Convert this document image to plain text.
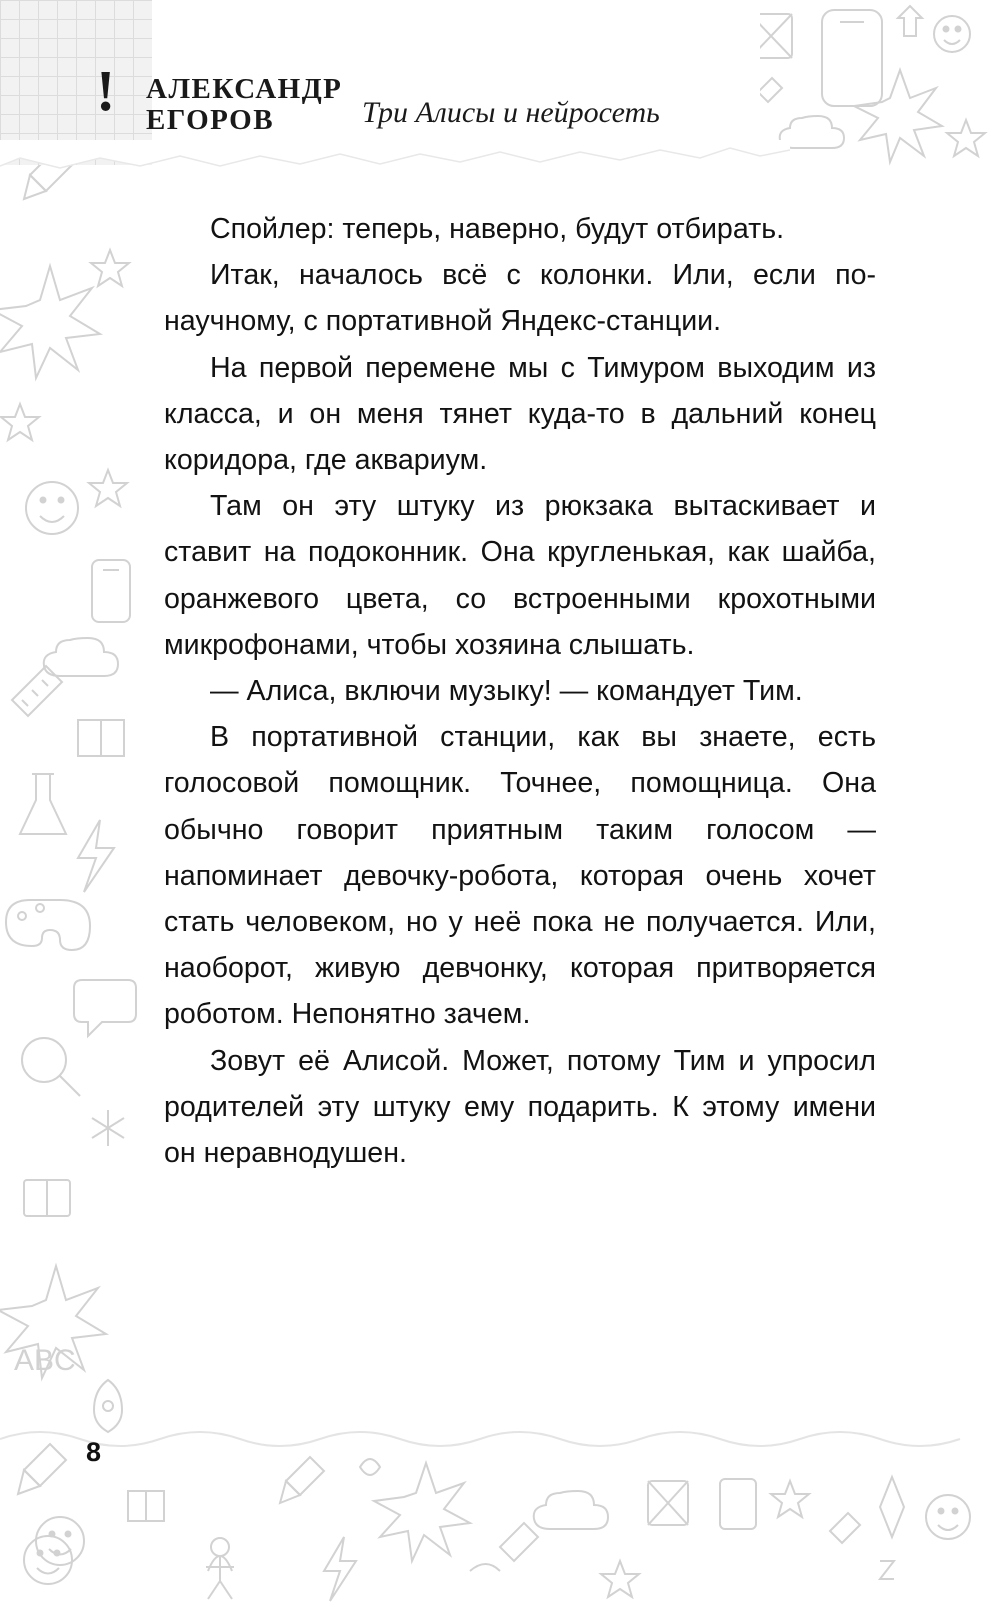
ABC
! АЛЕКСАНДР
ЕГОРОВ	Три Алисы и нейросеть

Спойлер: теперь, наверно, будут отбирать.

Итак, началось всё с колонки. Или, если по-научному, с портативной Яндекс-станции.

На первой перемене мы с Тимуром выходим из класса, и он меня тянет куда-то в дальний конец коридора, где аквариум.

Там он эту штуку из рюкзака вытаскивает и ставит на подоконник. Она кругленькая, как шайба, оранжевого цвета, со встроенными крохотными микрофонами, чтобы хозяина слышать.

— Алиса, включи музыку! — командует Тим.

В портативной станции, как вы знаете, есть голосовой помощник. Точнее, помощница. Она обычно говорит приятным таким голосом — напоминает девочку-робота, которая очень хочет стать человеком, но у неё пока не получается. Или, наоборот, живую девчонку, которая притворяется роботом. Непонятно зачем.

Зовут её Алисой. Может, потому Тим и упросил родителей эту штуку ему подарить. К этому имени он неравнодушен.

8
